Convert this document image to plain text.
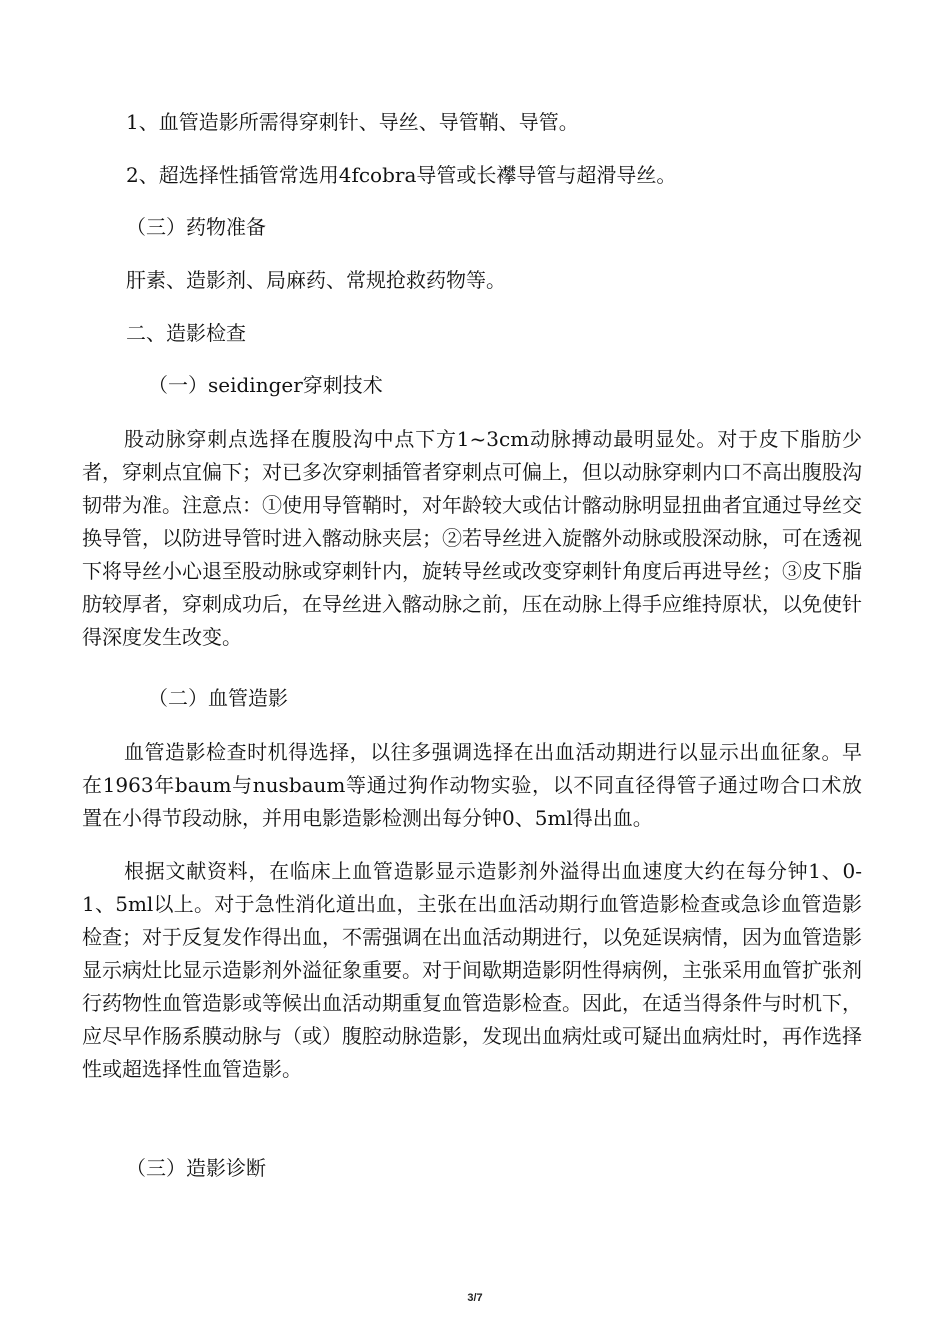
1、血管造影所需得穿刺针、导丝、导管鞘、导管。
2、超选择性插管常选用4fcobra导管或长襻导管与超滑导丝。
（三）药物准备
肝素、造影剂、局麻药、常规抢救药物等。
二、造影检查
（一）seidinger穿刺技术

股动脉穿刺点选择在腹股沟中点下方1~3cm动脉搏动最明显处。对于皮下脂肪少者，穿刺点宜偏下；对已多次穿刺插管者穿刺点可偏上，但以动脉穿刺内口不高出腹股沟韧带为准。注意点：①使用导管鞘时，对年龄较大或估计髂动脉明显扭曲者宜通过导丝交换导管，以防进导管时进入髂动脉夹层；②若导丝进入旋髂外动脉或股深动脉，可在透视下将导丝小心退至股动脉或穿刺针内，旋转导丝或改变穿刺针角度后再进导丝；③皮下脂肪较厚者，穿刺成功后，在导丝进入髂动脉之前，压在动脉上得手应维持原状，以免使针得深度发生改变。

（二）血管造影

血管造影检查时机得选择，以往多强调选择在出血活动期进行以显示出血征象。早在1963年baum与nusbaum等通过狗作动物实验，以不同直径得管子通过吻合口术放置在小得节段动脉，并用电影造影检测出每分钟0、5ml得出血。

根据文献资料，在临床上血管造影显示造影剂外溢得出血速度大约在每分钟1、0-1、5ml以上。对于急性消化道出血，主张在出血活动期行血管造影检查或急诊血管造影检查；对于反复发作得出血，不需强调在出血活动期进行，以免延误病情，因为血管造影显示病灶比显示造影剂外溢征象重要。对于间歇期造影阴性得病例，主张采用血管扩张剂行药物性血管造影或等候出血活动期重复血管造影检查。因此，在适当得条件与时机下，应尽早作肠系膜动脉与（或）腹腔动脉造影，发现出血病灶或可疑出血病灶时，再作选择性或超选择性血管造影。

（三）造影诊断
3/7
